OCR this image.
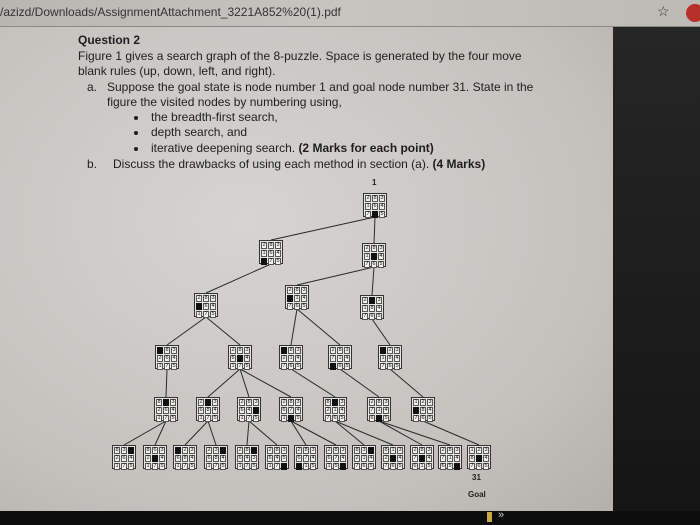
/azizd/Downloads/AssignmentAttachment_3221A852%20(1).pdf	☆
Question 2
Figure 1 gives a search graph of the 8-puzzle. Space is generated by the four move
blank rules (up, down, left, and right).
a. Suppose the goal state is node number 1 and goal node number 31. State in the
figure the visited nodes by numbering using,
the breadth-first search,
depth search, and
iterative deepening search. (2 Marks for each point)
b. Discuss the drawbacks of using each method in section (a). (4 Marks)
2 8 3
1 6 4
7 5
2 8 3
1 6 4
7 5
2 8 3
1 4
7 6 5
2 8 3
6 4
1 7 5
2 8 3
1 4
7 6 5
2 3
1 8 4
7 6 5
8 3
2 6 4
1 7 5
2 8 3
6 4
1 7 5
8 3
2 1 4
7 6 5
2 8 3
7 1 4
6 5
2 3
1 8 4
7 6 5
8 3
2 6 4
1 7 5
2 3
6 8 4
1 7 5
2 8 3
6 4
1 7 5
2 8 3
6 7 4
1 5
8 3
2 1 4
7 6 5
2 8 3
7 1 4
6 5
1 2 3
8 4
7 6 5
8 3
2 6 4
1 7 5
8 6 3
2 4
1 7 5
2 3
6 8 4
1 7 5
2 3
6 8 4
1 7 5
2 8
6 4 3
1 7 5
2 8 3
6 4 5
1 7
2 8 3
6 7 4
1 5
2 8 3
6 7 4
1 5
8 3
2 1 4
7 6 5
8 1 3
2 4
7 6 5
2 8 3
7 4
6 1 5
2 8 3
7 1 4
6 5
1 2 3
8 4
7 6 5
1
31
Goal
»
